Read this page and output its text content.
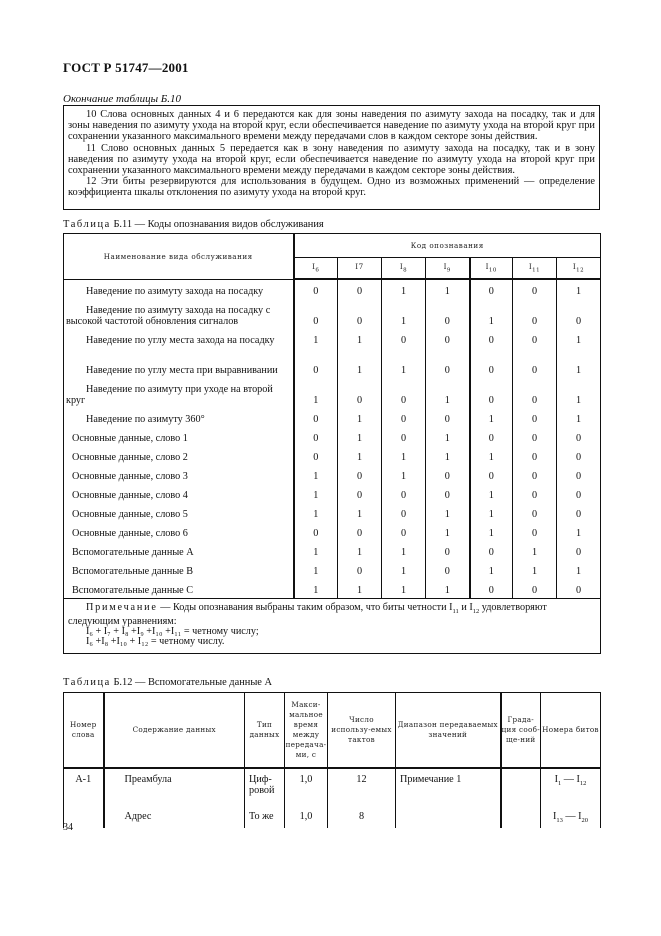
ГОСТ Р 51747—2001
Окончание таблицы Б.10

10 Слова основных данных 4 и 6 передаются как для зоны наведения по азимуту захода на посадку, так и для зоны наведения по азимуту ухода на второй круг, если обеспечивается наведение по азимуту ухода на второй круг при сохранении указанного максимального времени между передачами слов в каждом секторе зоны действия.

11 Слово основных данных 5 передается как в зону наведения по азимуту захода на посадку, так и в зону наведения по азимуту ухода на второй круг, если обеспечивается наведение по азимуту ухода на второй круг при сохранении указанного максимального времени между передачами в каждом секторе зоны действия.

12 Эти биты резервируются для использования в будущем. Одно из возможных применений — определение коэффициента шкалы отклонения по азимуту ухода на второй круг.

Таблица Б.11 — Коды опознавания видов обслуживания
Наименование вида обслуживания	Код опознавания						
	$I_6$	I7	$I_8$	$I_9$	$I_{10}$	$I_{11}$	$I_{12}$
Наведение по азимуту захода на посадку	0	0	1	1	0	0	1
Наведение по азимуту захода на посадку с высокой частотой обновления сигналов	0	0	1	0	1	0	0
Наведение по углу места захода на посадку	1	1	0	0	0	0	1
Наведение по углу места при выравнивании	0	1	1	0	0	0	1
Наведение по азимуту при уходе на второй круг	1	0	0	1	0	0	1
Наведение по азимуту 360°	0	1	0	0	1	0	1
Основные данные, слово 1	0	1	0	1	0	0	0
Основные данные, слово 2	0	1	1	1	1	0	0
Основные данные, слово 3	1	0	1	0	0	0	0
Основные данные, слово 4	1	0	0	0	1	0	0
Основные данные, слово 5	1	1	0	1	1	0	0
Основные данные, слово 6	0	0	0	1	1	0	1
Вспомогательные данные А	1	1	1	0	0	1	0
Вспомогательные данные В	1	0	1	0	1	1	1
Вспомогательные данные С	1	1	1	1	0	0	0

Примечание — Коды опознавания выбраны таким образом, что биты четности $I_{11}$ и $I_{12}$ удовлетворяют следующим уравнениям:
I₆ + I₇ + I₈ +I₉ +I₁₀ +I₁₁ = четному числу;
I₆ +I₈ +I₁₀ + I₁₂ = четному числу.							
Таблица Б.12 — Вспомогательные данные А
Номер слова	Содержание данных	Тип данных	Макси-мальное время между передача-ми, с	Число использу-емых тактов	Диапазон передаваемых значений	Града-ция сооб-ще-ний	Номера битов
А-1	Преамбула	Циф-ровой	1,0	12	Примечание 1		$I_1$ — $I_{12}$
	Адрес	То же	1,0	8			$I_{13}$ — $I_{20}$
34
